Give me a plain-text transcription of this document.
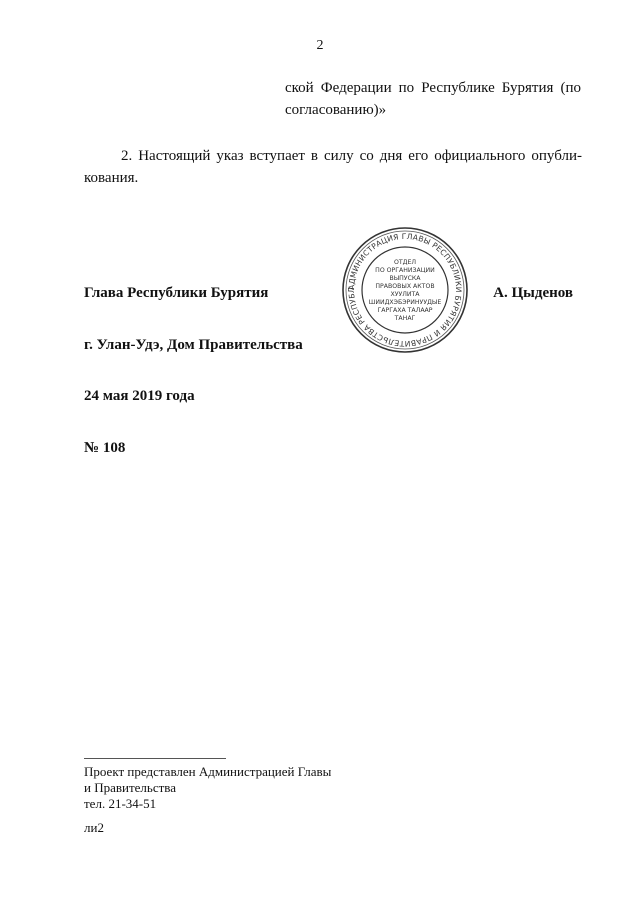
2
ской Федерации по Республике Бурятия (по
согласованию)»
2. Настоящий указ вступает в силу со дня его официального опубли-
кования.
Глава Республики Бурятия	А. Цыденов
АДМИНИСТРАЦИЯ ГЛАВЫ РЕСПУБЛИКИ БУРЯТИЯ И ПРАВИТЕЛЬСТВА РЕСПУБЛ
ОТДЕЛ
ПО ОРГАНИЗАЦИИ
ВЫПУСКА
ПРАВОВЫХ АКТОВ
ХУУЛИТА
ШИИДХЭБЭРИНУУДЫЕ
ГАРГАХА ТАЛААР
ТАНАГ
г. Улан-Удэ, Дом Правительства
24 мая 2019 года
№ 108
Проект представлен Администрацией Главы
и Правительства
тел. 21-34-51
ли2
